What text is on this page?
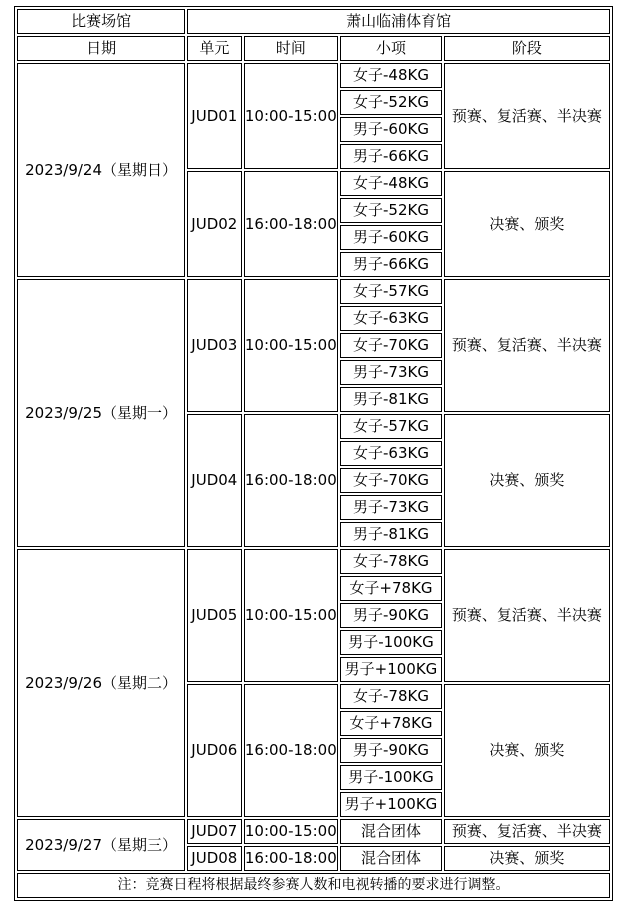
比赛场馆	萧山临浦体育馆			
日期	单元	时间	小项	阶段
2023/9/24（星期日）	JUD01	10:00-15:00	女子-48KG	预赛、复活赛、半决赛
			女子-52KG	
			男子-60KG	
			男子-66KG	
	JUD02	16:00-18:00	女子-48KG	决赛、颁奖
			女子-52KG	
			男子-60KG	
			男子-66KG	
2023/9/25（星期一）	JUD03	10:00-15:00	女子-57KG	预赛、复活赛、半决赛
			女子-63KG	
			女子-70KG	
			男子-73KG	
			男子-81KG	
	JUD04	16:00-18:00	女子-57KG	决赛、颁奖
			女子-63KG	
			女子-70KG	
			男子-73KG	
			男子-81KG	
2023/9/26（星期二）	JUD05	10:00-15:00	女子-78KG	预赛、复活赛、半决赛
			女子+78KG	
			男子-90KG	
			男子-100KG	
			男子+100KG	
	JUD06	16:00-18:00	女子-78KG	决赛、颁奖
			女子+78KG	
			男子-90KG	
			男子-100KG	
			男子+100KG	
2023/9/27（星期三）	JUD07	10:00-15:00	混合团体	预赛、复活赛、半决赛
	JUD08	16:00-18:00	混合团体	决赛、颁奖
注：竞赛日程将根据最终参赛人数和电视转播的要求进行调整。				
